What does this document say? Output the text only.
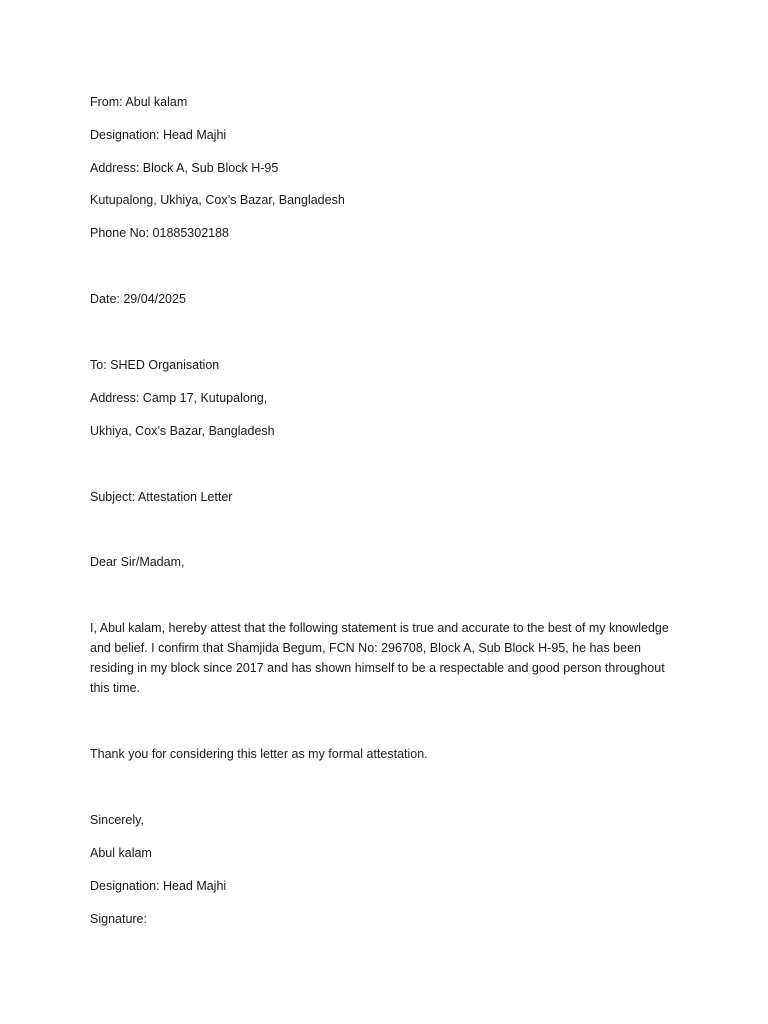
From: Abul kalam

Designation: Head Majhi

Address: Block A, Sub Block H-95

Kutupalong, Ukhiya, Cox’s Bazar, Bangladesh

Phone No: 01885302188

Date: 29/04/2025

To: SHED Organisation

Address: Camp 17, Kutupalong,

Ukhiya, Cox’s Bazar, Bangladesh

Subject: Attestation Letter

Dear Sir/Madam,

I, Abul kalam, hereby attest that the following statement is true and accurate to the best of my knowledge and belief. I confirm that Shamjida Begum, FCN No: 296708, Block A, Sub Block H-95, he has been residing in my block since 2017 and has shown himself to be a respectable and good person throughout this time.

Thank you for considering this letter as my formal attestation.

Sincerely,

Abul kalam

Designation: Head Majhi

Signature:
